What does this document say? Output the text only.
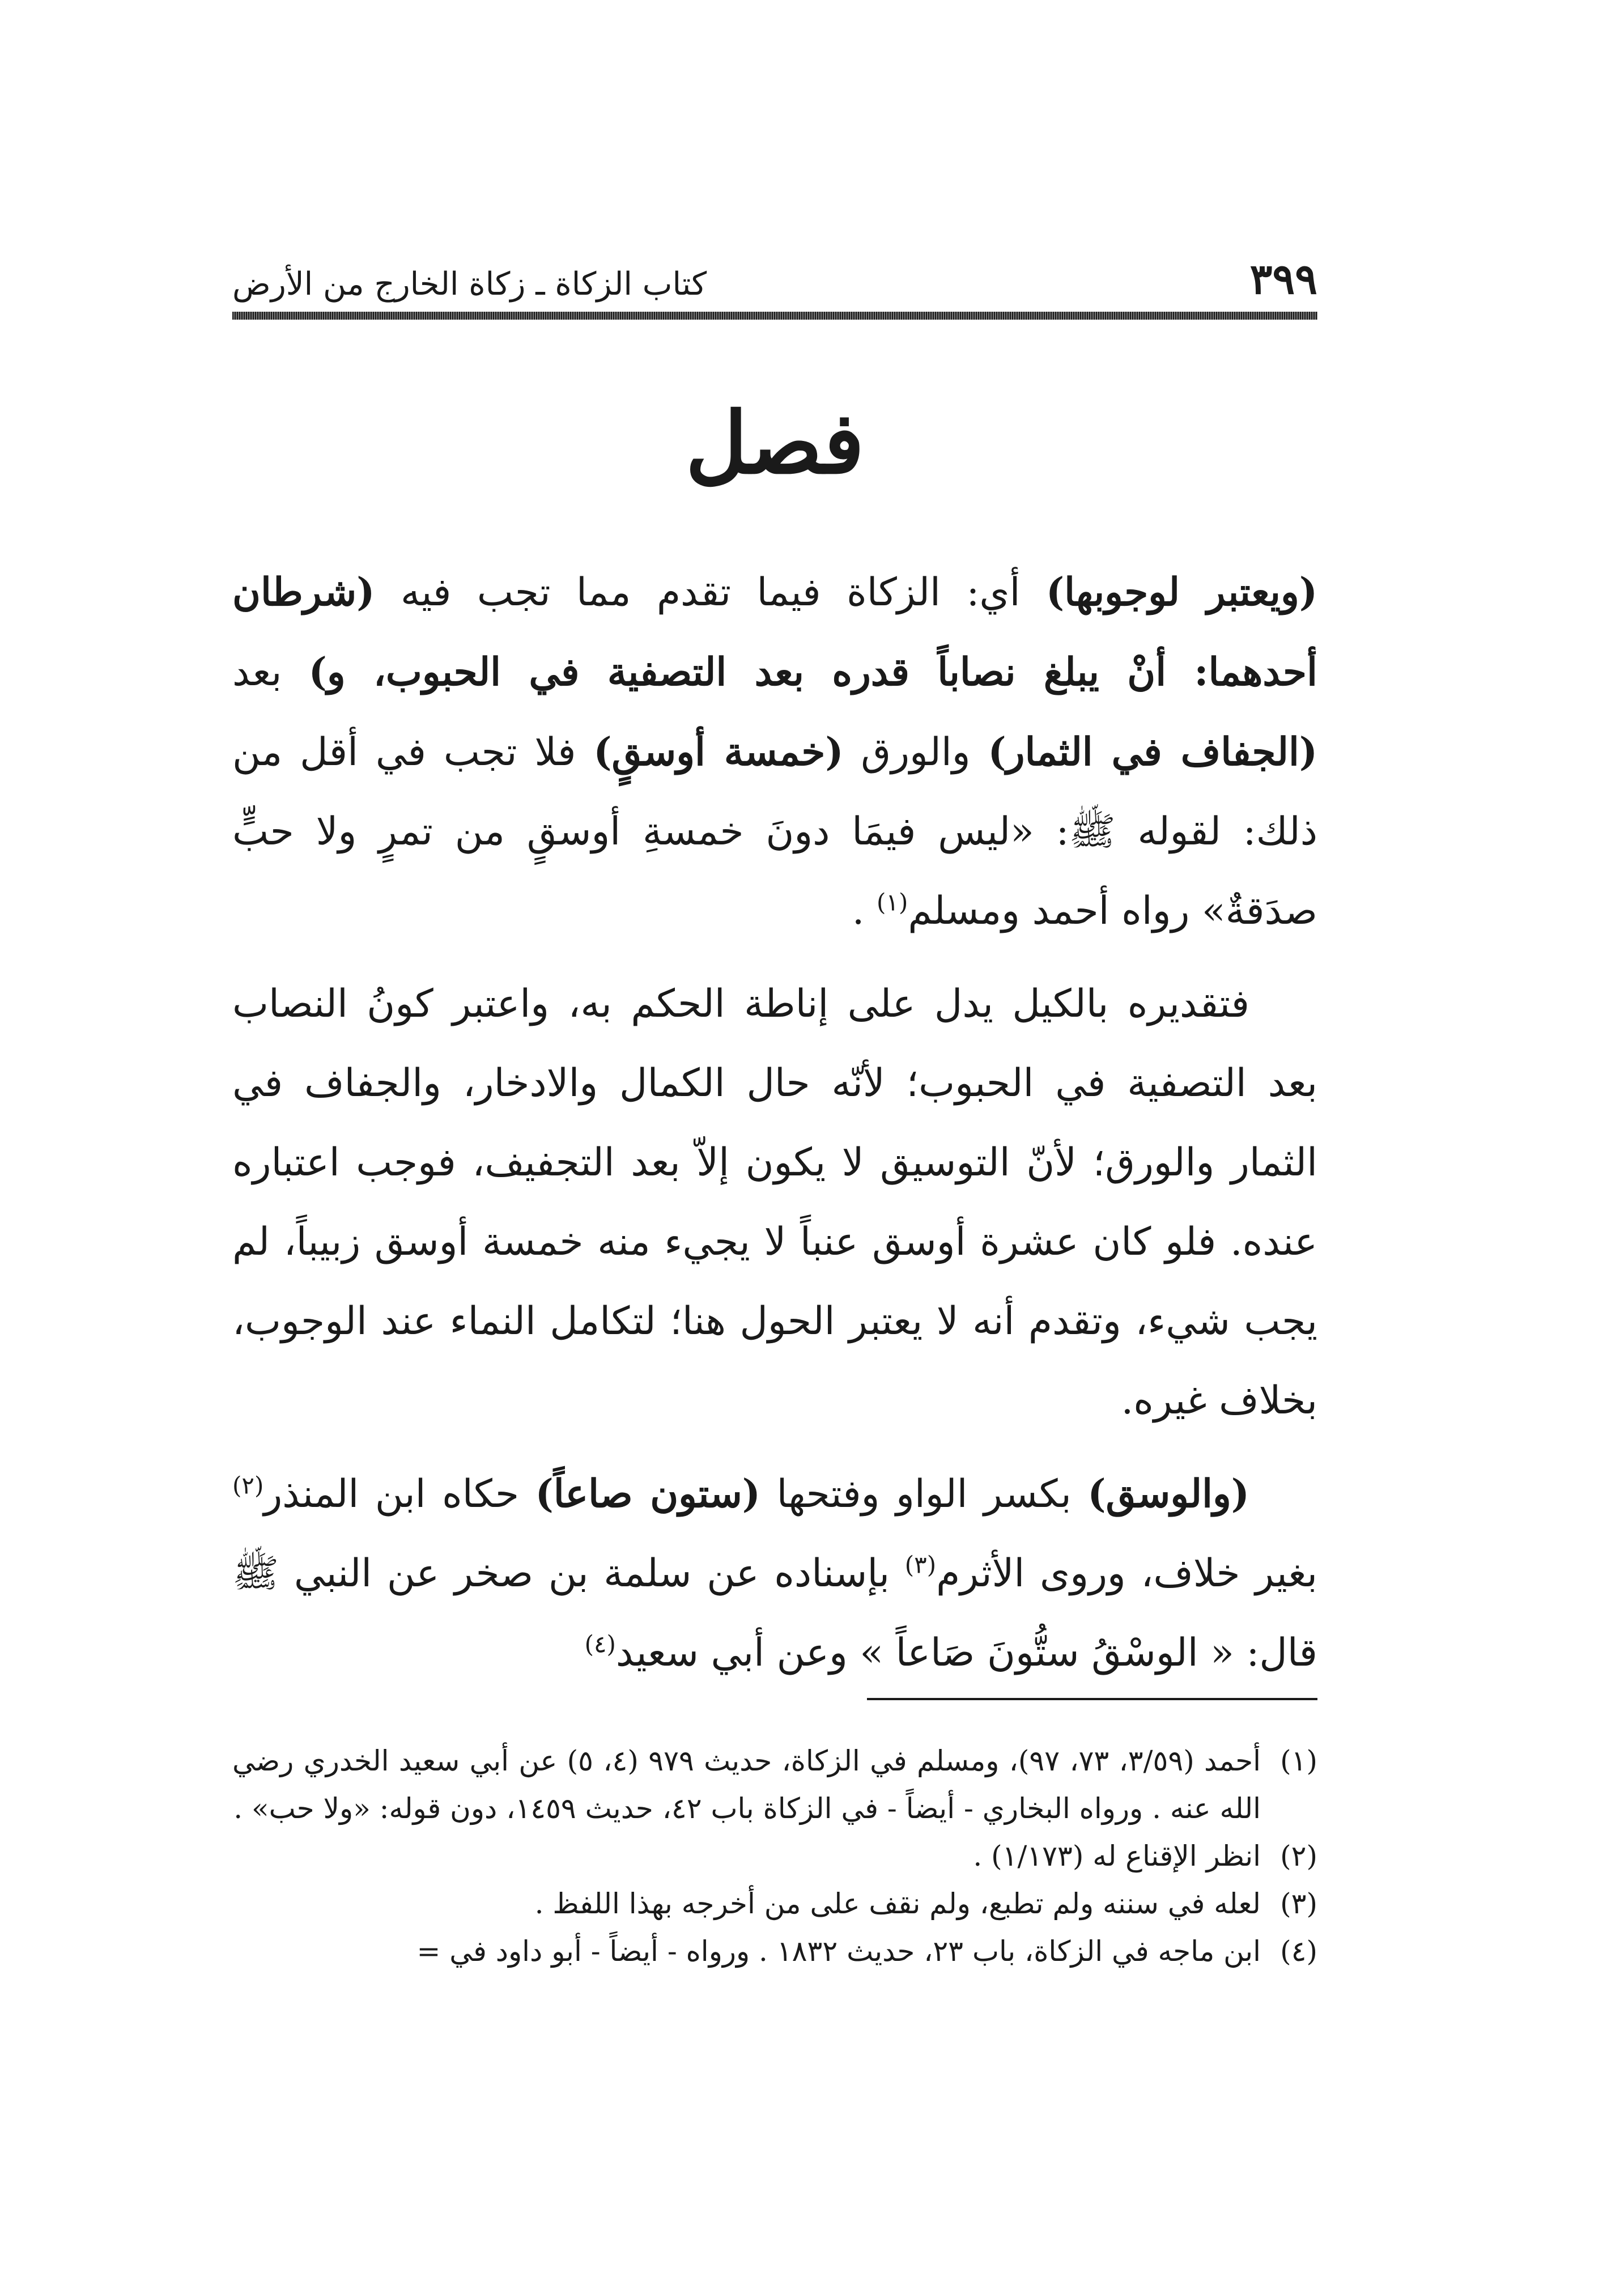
٣٩٩
كتاب الزكاة ـ زكاة الخارج من الأرض
فصل

(ويعتبر لوجوبها) أي: الزكاة فيما تقدم مما تجب فيه (شرطان أحدهما: أنْ يبلغ نصاباً قدره بعد التصفية في الحبوب، و) بعد (الجفاف في الثمار) والورق (خمسة أوسقٍ) فلا تجب في أقل من ذلك: لقوله ﷺ: «ليس فيمَا دونَ خمسةِ أوسقٍ من تمرٍ ولا حبٍّ صدَقةٌ» رواه أحمد ومسلم$^{(١)}$ .

فتقديره بالكيل يدل على إناطة الحكم به، واعتبر كونُ النصاب بعد التصفية في الحبوب؛ لأنّه حال الكمال والادخار، والجفاف في الثمار والورق؛ لأنّ التوسيق لا يكون إلاّ بعد التجفيف، فوجب اعتباره عنده. فلو كان عشرة أوسق عنباً لا يجيء منه خمسة أوسق زبيباً، لم يجب شيء، وتقدم أنه لا يعتبر الحول هنا؛ لتكامل النماء عند الوجوب، بخلاف غيره.

(والوسق) بكسر الواو وفتحها (ستون صاعاً) حكاه ابن المنذر$^{(٢)}$ بغير خلاف، وروى الأثرم$^{(٣)}$ بإسناده عن سلمة بن صخر عن النبي ﷺ قال: « الوسْقُ ستُّونَ صَاعاً » وعن أبي سعيد$^{(٤)}$

(١)
أحمد (٣/٥٩، ٧٣، ٩٧)، ومسلم في الزكاة، حديث ٩٧٩ (٤، ٥) عن أبي سعيد الخدري رضي الله عنه . ورواه البخاري - أيضاً - في الزكاة باب ٤٢، حديث ١٤٥٩، دون قوله: «ولا حب» .
(٢)
انظر الإقناع له (١/١٧٣) .
(٣)
لعله في سننه ولم تطبع، ولم نقف على من أخرجه بهذا اللفظ .
(٤)
ابن ماجه في الزكاة، باب ٢٣، حديث ١٨٣٢ . ورواه - أيضاً - أبو داود في =
